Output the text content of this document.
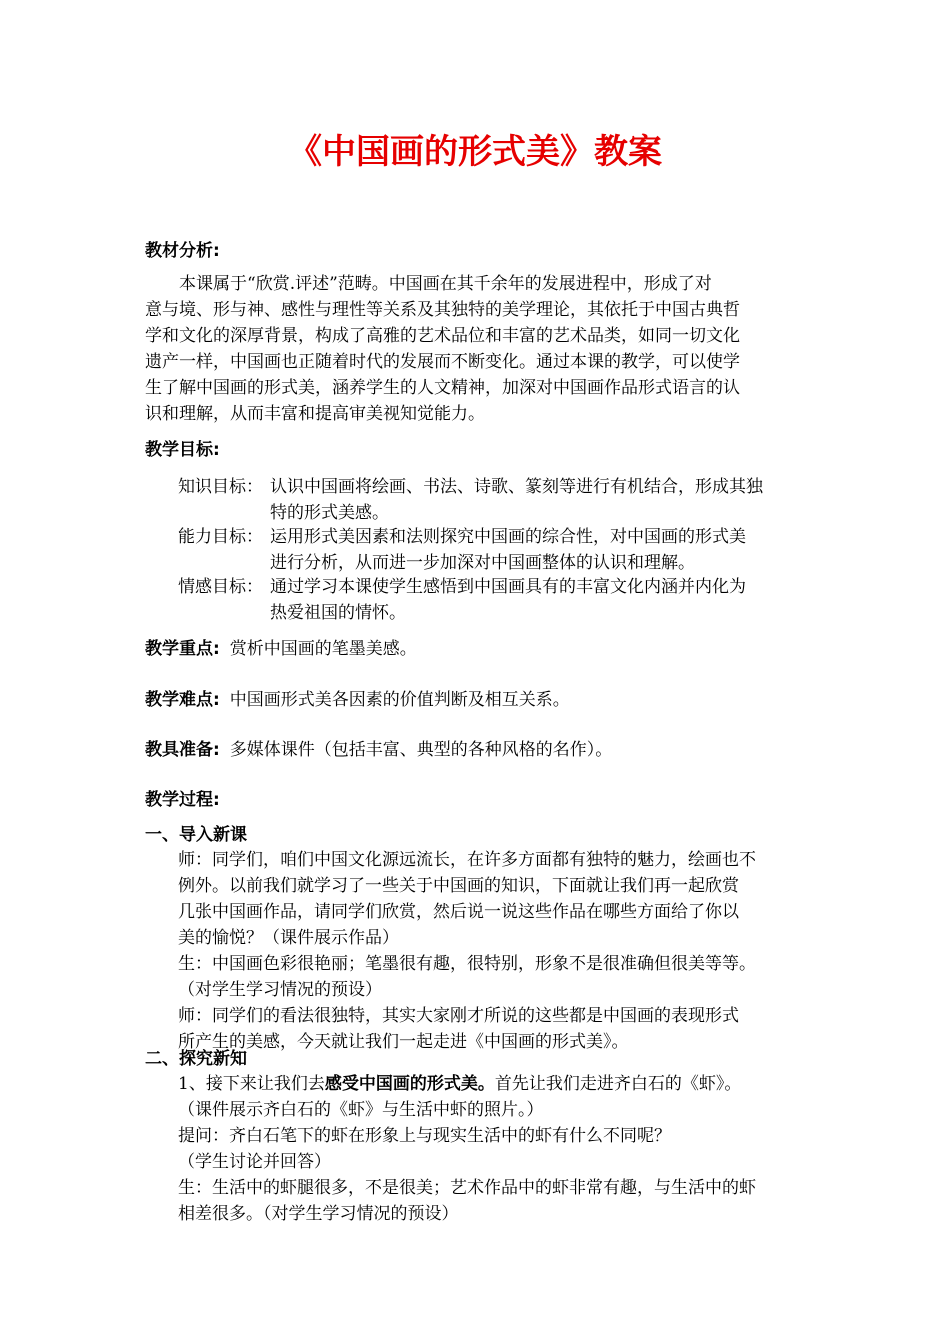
《中国画的形式美》教案
教材分析:
本课属于“欣赏.评述”范畴。中国画在其千余年的发展进程中，形成了对
意与境、形与神、感性与理性等关系及其独特的美学理论，其依托于中国古典哲
学和文化的深厚背景，构成了高雅的艺术品位和丰富的艺术品类，如同一切文化
遗产一样，中国画也正随着时代的发展而不断变化。通过本课的教学，可以使学
生了解中国画的形式美，涵养学生的人文精神，加深对中国画作品形式语言的认
识和理解，从而丰富和提高审美视知觉能力。
教学目标:
知识目标： 认识中国画将绘画、书法、诗歌、篆刻等进行有机结合，形成其独
特的形式美感。
能力目标： 运用形式美因素和法则探究中国画的综合性，对中国画的形式美
进行分析，从而进一步加深对中国画整体的认识和理解。
情感目标： 通过学习本课使学生感悟到中国画具有的丰富文化内涵并内化为
热爱祖国的情怀。
教学重点: 赏析中国画的笔墨美感。
教学难点: 中国画形式美各因素的价值判断及相互关系。
教具准备: 多媒体课件（包括丰富、典型的各种风格的名作）。
教学过程:
一、导入新课
师：同学们，咱们中国文化源远流长，在许多方面都有独特的魅力，绘画也不
例外。以前我们就学习了一些关于中国画的知识，下面就让我们再一起欣赏
几张中国画作品，请同学们欣赏，然后说一说这些作品在哪些方面给了你以
美的愉悦？（课件展示作品）
生：中国画色彩很艳丽；笔墨很有趣，很特别，形象不是很准确但很美等等。
（对学生学习情况的预设）
师：同学们的看法很独特，其实大家刚才所说的这些都是中国画的表现形式
所产生的美感，今天就让我们一起走进《中国画的形式美》。
二、探究新知
1、接下来让我们去感受中国画的形式美。首先让我们走进齐白石的《虾》。
（课件展示齐白石的《虾》与生活中虾的照片。）
提问：齐白石笔下的虾在形象上与现实生活中的虾有什么不同呢？
（学生讨论并回答）
生：生活中的虾腿很多，不是很美；艺术作品中的虾非常有趣，与生活中的虾
相差很多。（对学生学习情况的预设）
